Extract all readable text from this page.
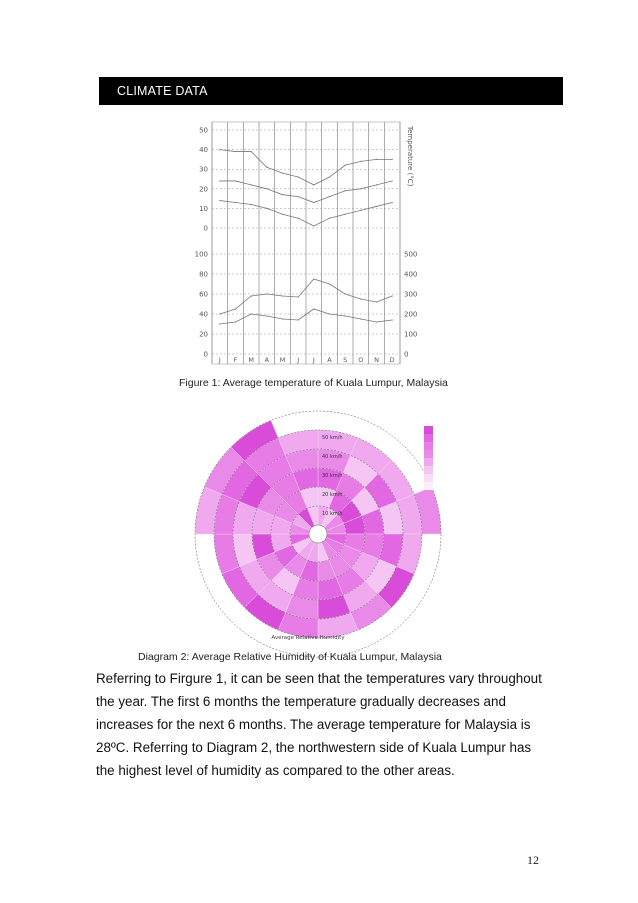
CLIMATE DATA
0
10
20
30
40
50
0	0
20	100
40	200
60	300
80	400
100	500
J F M A M J J A S O N D
Temperature (°C)
Figure 1: Average temperature of Kuala Lumpur, Malaysia
10 km/h
20 km/h
30 km/h
40 km/h
50 km/h
Average Relative Humidity
Diagram 2: Average Relative Humidity of Kuala Lumpur, Malaysia

Referring to Firgure 1, it can be seen that the temperatures vary throughout the year. The first 6 months the temperature gradually decreases and increases for the next 6 months. The average temperature for Malaysia is 28ºC. Referring to Diagram 2, the northwestern side of Kuala Lumpur has the highest level of humidity as compared to the other areas.

12
